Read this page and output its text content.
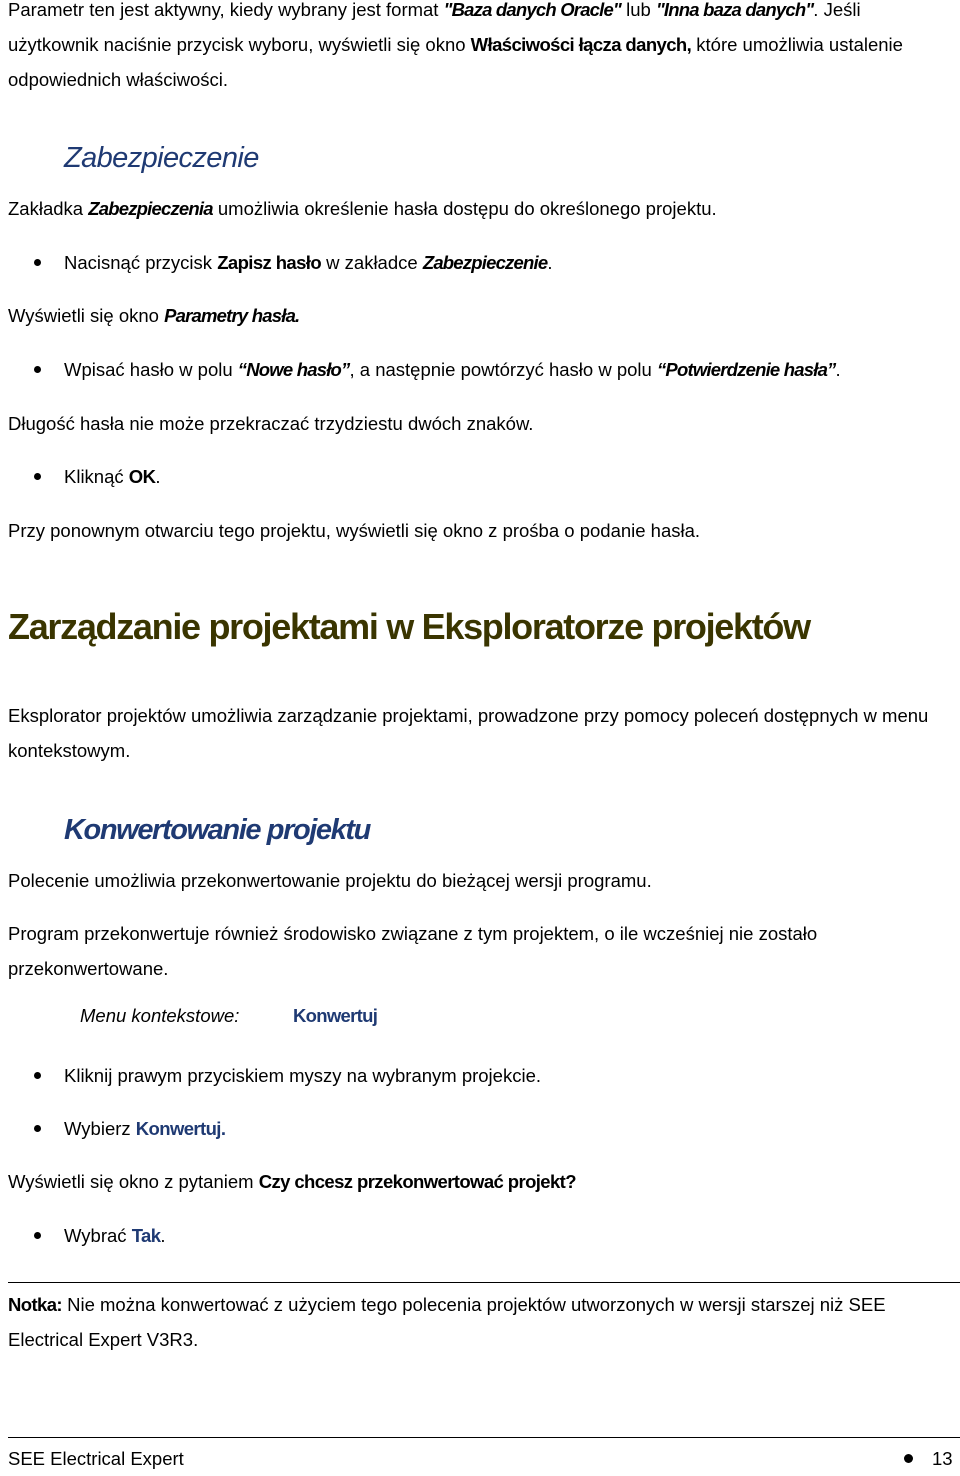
Parametr ten jest aktywny, kiedy wybrany jest format "Baza danych Oracle" lub "Inna baza danych". Jeśli użytkownik naciśnie przycisk wyboru, wyświetli się okno Właściwości łącza danych, które umożliwia ustalenie odpowiednich właściwości.

Zabezpieczenie

Zakładka Zabezpieczenia umożliwia określenie hasła dostępu do określonego projektu.

Nacisnąć przycisk Zapisz hasło w zakładce Zabezpieczenie.

Wyświetli się okno Parametry hasła.

Wpisać hasło w polu “Nowe hasło”, a następnie powtórzyć hasło w polu “Potwierdzenie hasła”.

Długość hasła nie może przekraczać trzydziestu dwóch znaków.

Kliknąć OK.

Przy ponownym otwarciu tego projektu, wyświetli się okno z prośba o podanie hasła.

Zarządzanie projektami w Eksploratorze projektów

Eksplorator projektów umożliwia zarządzanie projektami, prowadzone przy pomocy poleceń dostępnych w menu kontekstowym.

Konwertowanie projektu

Polecenie umożliwia przekonwertowanie projektu do bieżącej wersji programu.

Program przekonwertuje również środowisko związane z tym projektem, o ile wcześniej nie zostało przekonwertowane.

Menu kontekstowe:	Konwertuj
Kliknij prawym przyciskiem myszy na wybranym projekcie.
Wybierz Konwertuj.

Wyświetli się okno z pytaniem Czy chcesz przekonwertować projekt?

Wybrać Tak.

Notka: Nie można konwertować z użyciem tego polecenia projektów utworzonych w wersji starszej niż SEE Electrical Expert V3R3.

SEE Electrical Expert	13
